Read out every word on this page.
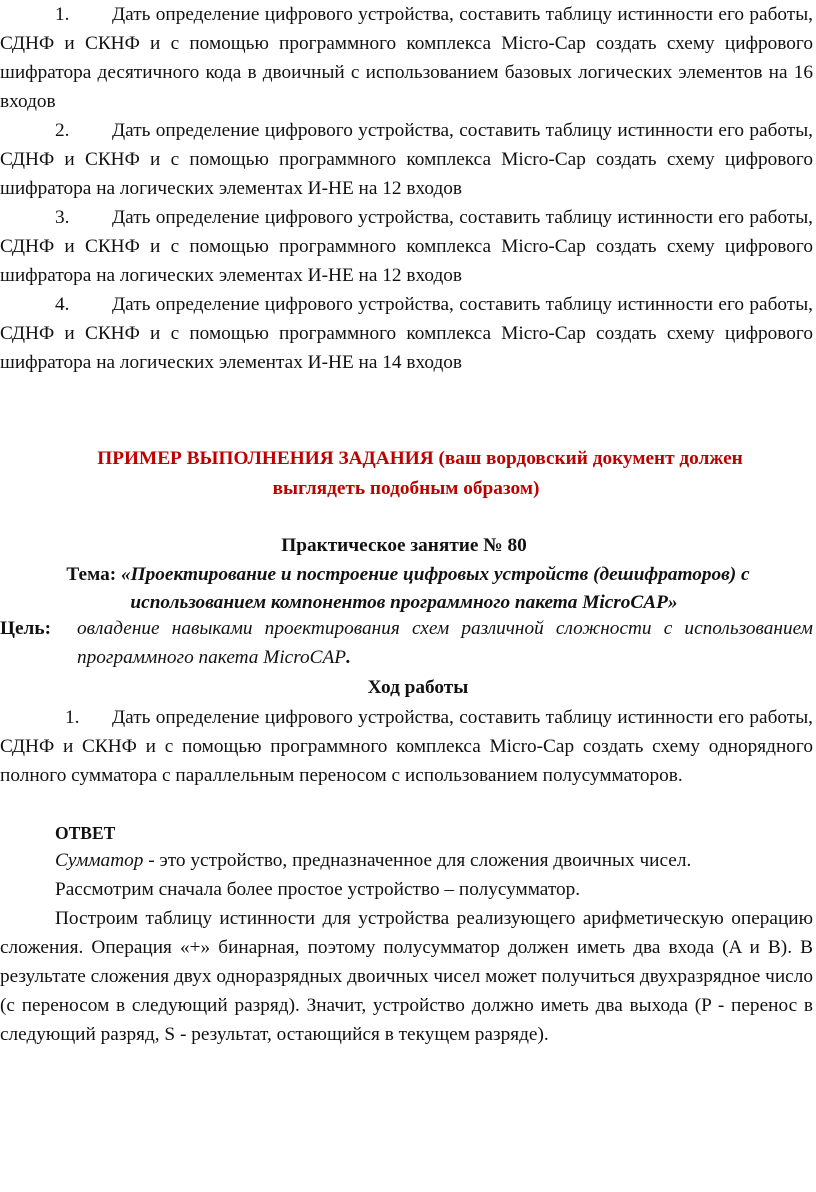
1. Дать определение цифрового устройства, составить таблицу истинности его работы, СДНФ и СКНФ и с помощью программного комплекса Micro-Cap создать схему цифрового шифратора десятичного кода в двоичный с использованием базовых логических элементов на 16 входов

2. Дать определение цифрового устройства, составить таблицу истинности его работы, СДНФ и СКНФ и с помощью программного комплекса Micro-Cap создать схему цифрового шифратора на логических элементах И-НЕ на 12 входов

3. Дать определение цифрового устройства, составить таблицу истинности его работы, СДНФ и СКНФ и с помощью программного комплекса Micro-Cap создать схему цифрового шифратора на логических элементах И-НЕ на 12 входов

4. Дать определение цифрового устройства, составить таблицу истинности его работы, СДНФ и СКНФ и с помощью программного комплекса Micro-Cap создать схему цифрового шифратора на логических элементах И-НЕ на 14 входов

ПРИМЕР ВЫПОЛНЕНИЯ ЗАДАНИЯ (ваш вордовский документ должен

выглядеть подобным образом)

Практическое занятие № 80

Тема: «Проектирование и построение цифровых устройств (дешифраторов) с

использованием компонентов программного пакета MicroCAP»

Цель: овладение навыками проектирования схем различной сложности с использованием программного пакета MicroCAP.

Ход работы

1. Дать определение цифрового устройства, составить таблицу истинности его работы, СДНФ и СКНФ и с помощью программного комплекса Micro-Cap создать схему однорядного полного сумматора с параллельным переносом с использованием полусумматоров.

ОТВЕТ

Сумматор - это устройство, предназначенное для сложения двоичных чисел.

Рассмотрим сначала более простое устройство – полусумматор.

Построим таблицу истинности для устройства реализующего арифметическую операцию сложения. Операция «+» бинарная, поэтому полусумматор должен иметь два входа (A и B). В результате сложения двух одноразрядных двоичных чисел может получиться двухразрядное число (с переносом в следующий разряд). Значит, устройство должно иметь два выхода (P - перенос в следующий разряд, S - результат, остающийся в текущем разряде).
